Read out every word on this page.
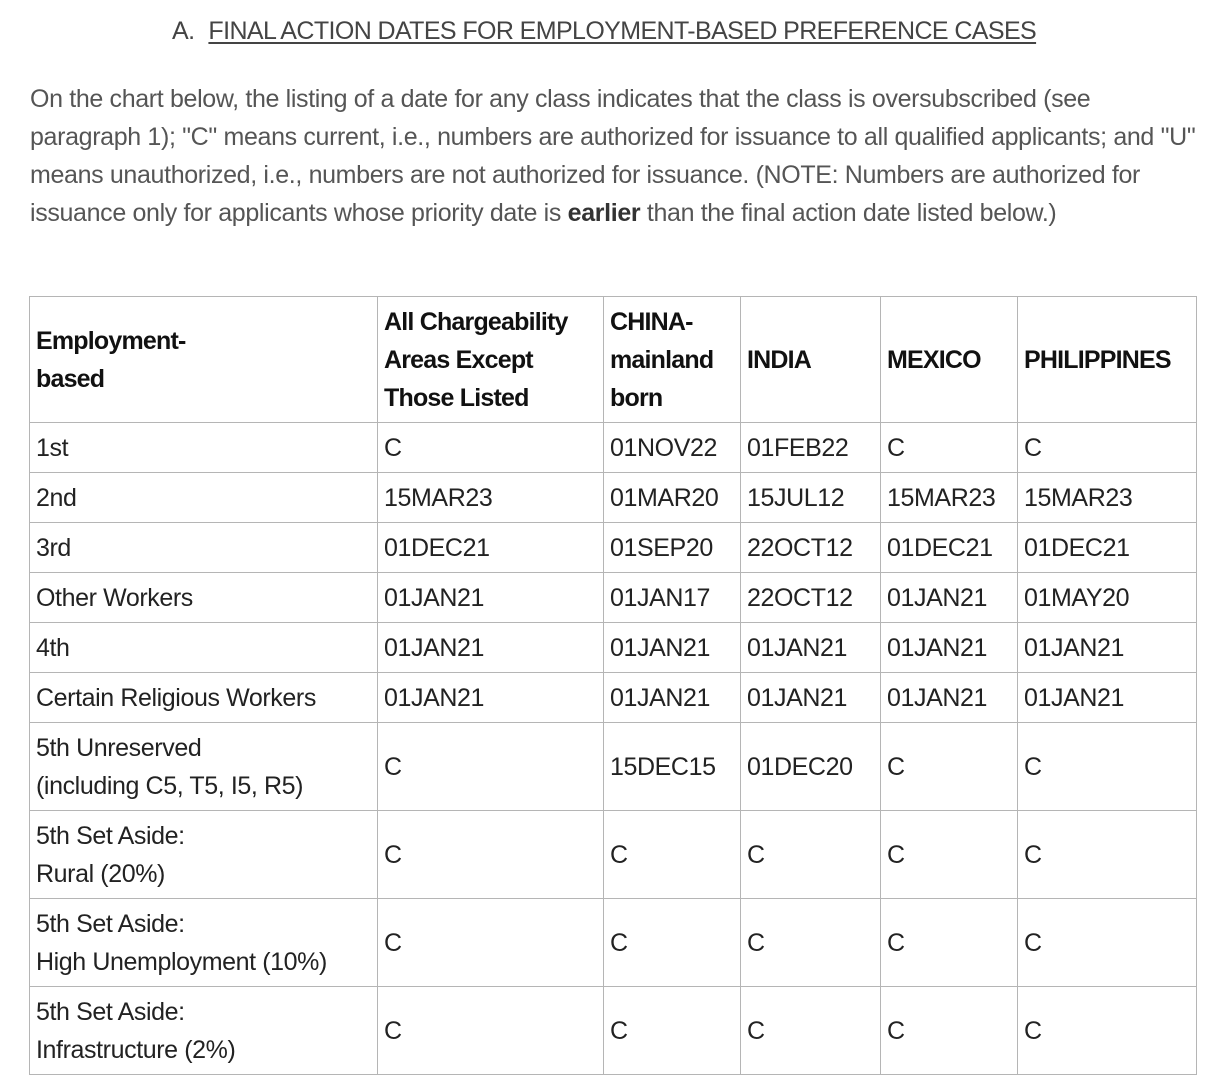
A. FINAL ACTION DATES FOR EMPLOYMENT-BASED PREFERENCE CASES

On the chart below, the listing of a date for any class indicates that the class is oversubscribed (see paragraph 1); "C" means current, i.e., numbers are authorized for issuance to all qualified applicants; and "U" means unauthorized, i.e., numbers are not authorized for issuance. (NOTE: Numbers are authorized for issuance only for applicants whose priority date is earlier than the final action date listed below.)

Employment-
based	All Chargeability
Areas Except
Those Listed	CHINA-
mainland
born	INDIA	MEXICO	PHILIPPINES

1st	C	01NOV22	01FEB22	C	C

2nd	15MAR23	01MAR20	15JUL12	15MAR23	15MAR23

3rd	01DEC21	01SEP20	22OCT12	01DEC21	01DEC21

Other Workers	01JAN21	01JAN17	22OCT12	01JAN21	01MAY20

4th	01JAN21	01JAN21	01JAN21	01JAN21	01JAN21

Certain Religious Workers	01JAN21	01JAN21	01JAN21	01JAN21	01JAN21

5th Unreserved
(including C5, T5, I5, R5)	C	15DEC15	01DEC20	C	C

5th Set Aside:
Rural (20%)	C	C	C	C	C

5th Set Aside:
High Unemployment (10%)	C	C	C	C	C

5th Set Aside:
Infrastructure (2%)	C	C	C	C	C
